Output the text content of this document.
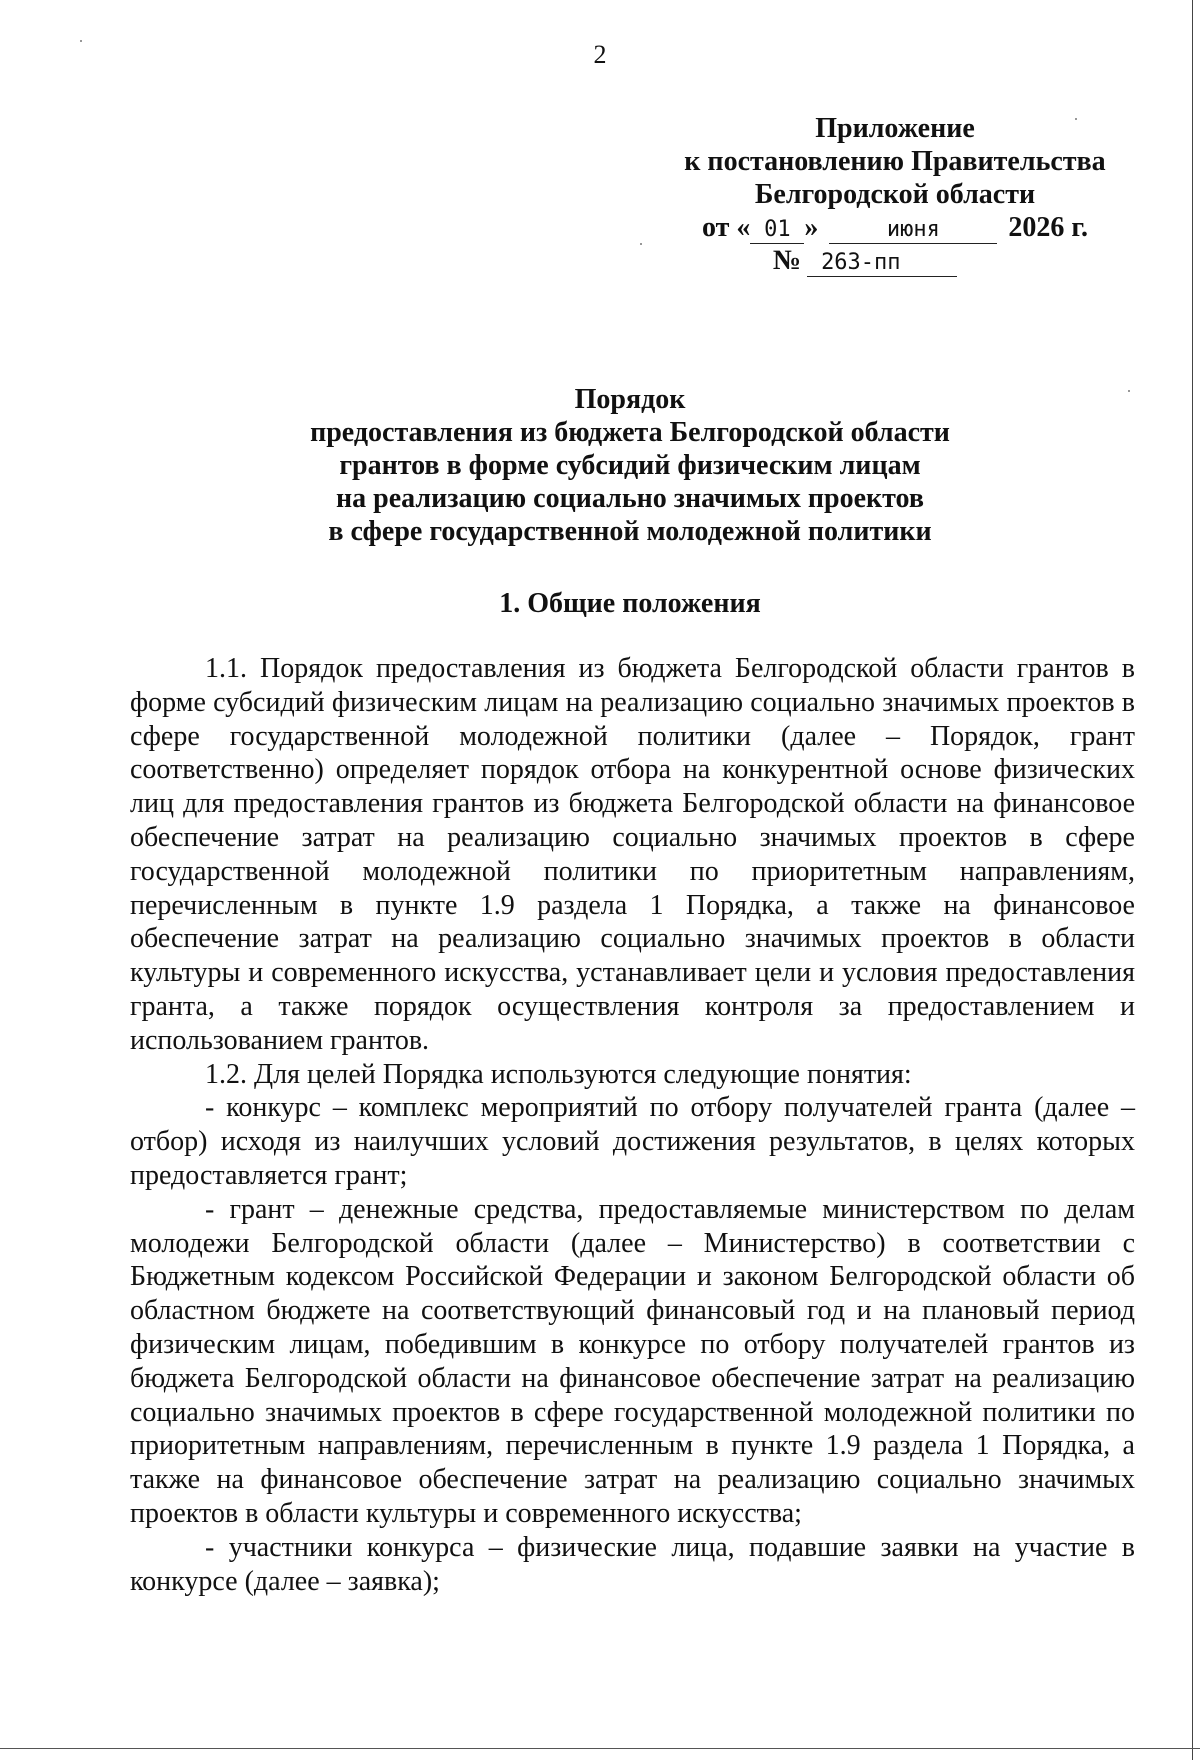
2
Приложение
к постановлению Правительства
Белгородской области
от « 01 »	июня 2026 г.
№ 263-пп
Порядок
предоставления из бюджета Белгородской области
грантов в форме субсидий физическим лицам
на реализацию социально значимых проектов
в сфере государственной молодежной политики
1. Общие положения

1.1. Порядок предоставления из бюджета Белгородской области грантов в форме субсидий физическим лицам на реализацию социально значимых проектов в сфере государственной молодежной политики (далее – Порядок, грант соответственно) определяет порядок отбора на конкурентной основе физических лиц для предоставления грантов из бюджета Белгородской области на финансовое обеспечение затрат на реализацию социально значимых проектов в сфере государственной молодежной политики по приоритетным направлениям, перечисленным в пункте 1.9 раздела 1 Порядка, а также на финансовое обеспечение затрат на реализацию социально значимых проектов в области культуры и современного искусства, устанавливает цели и условия предоставления гранта, а также порядок осуществления контроля за предоставлением и использованием грантов.

1.2. Для целей Порядка используются следующие понятия:

- конкурс – комплекс мероприятий по отбору получателей гранта (далее – отбор) исходя из наилучших условий достижения результатов, в целях которых предоставляется грант;

- грант – денежные средства, предоставляемые министерством по делам молодежи Белгородской области (далее – Министерство) в соответствии с Бюджетным кодексом Российской Федерации и законом Белгородской области об областном бюджете на соответствующий финансовый год и на плановый период физическим лицам, победившим в конкурсе по отбору получателей грантов из бюджета Белгородской области на финансовое обеспечение затрат на реализацию социально значимых проектов в сфере государственной молодежной политики по приоритетным направлениям, перечисленным в пункте 1.9 раздела 1 Порядка, а также на финансовое обеспечение затрат на реализацию социально значимых проектов в области культуры и современного искусства;

- участники конкурса – физические лица, подавшие заявки на участие в конкурсе (далее – заявка);
